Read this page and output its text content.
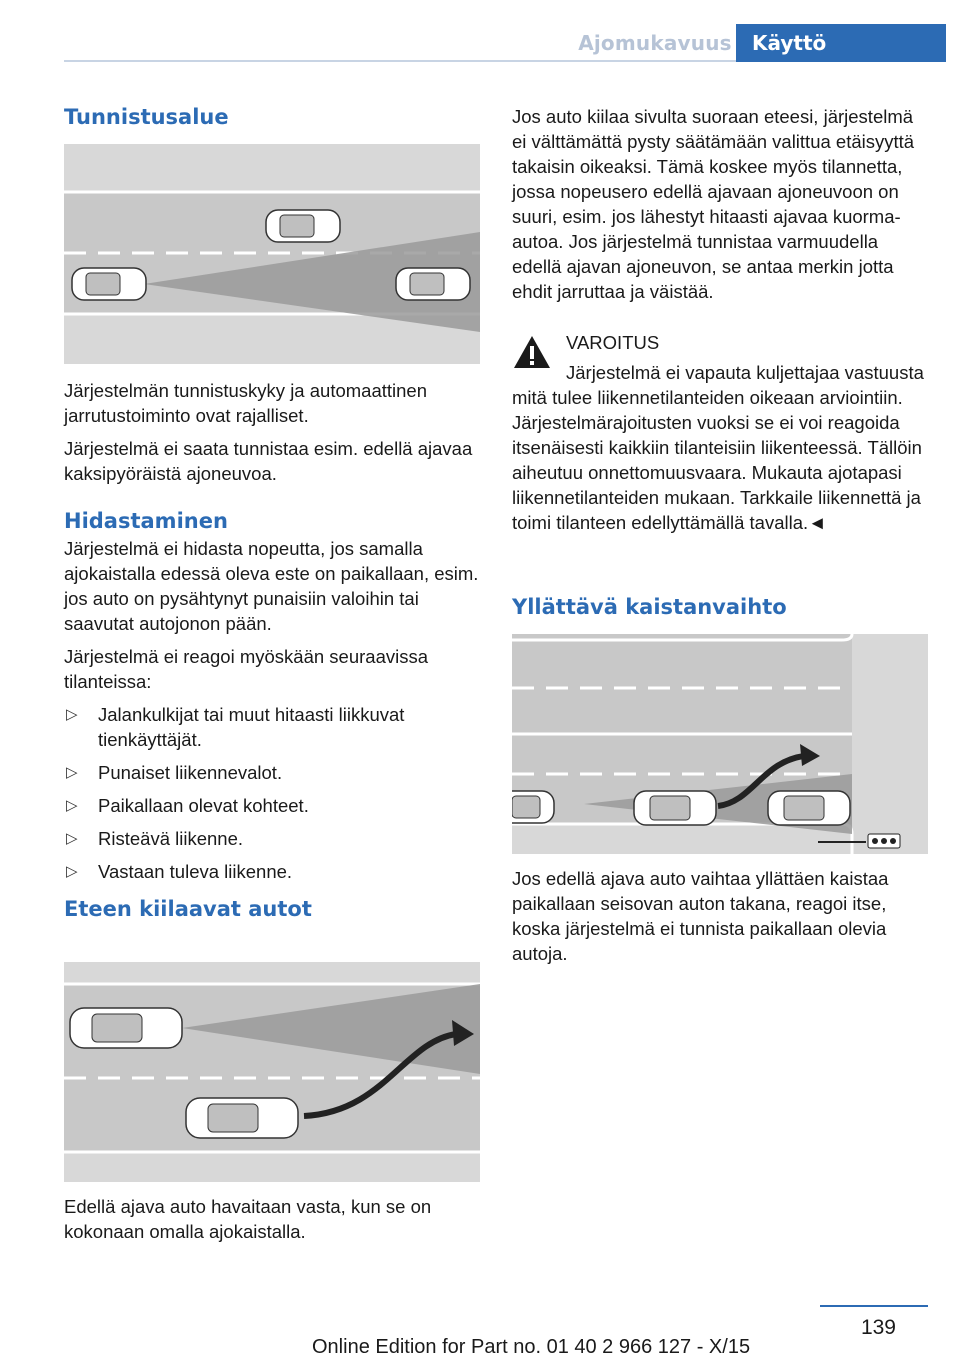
Ajomukavuus	Käyttö
Tunnistusalue

Järjestelmän tunnistuskyky ja automaattinen jarrutustoiminto ovat rajalliset.

Järjestelmä ei saata tunnistaa esim. edellä ajavaa kaksipyöräistä ajoneuvoa.

Hidastaminen

Järjestelmä ei hidasta nopeutta, jos samalla ajokaistalla edessä oleva este on paikallaan, esim. jos auto on pysähtynyt punaisiin valoihin tai saavutat autojonon pään.

Järjestelmä ei reagoi myöskään seuraavissa tilanteissa:

▷ Jalankulkijat tai muut hitaasti liikkuvat tienkäyttäjät.
▷ Punaiset liikennevalot.
▷ Paikallaan olevat kohteet.
▷ Risteävä liikenne.
▷ Vastaan tuleva liikenne.
Eteen kiilaavat autot

Edellä ajava auto havaitaan vasta, kun se on kokonaan omalla ajokaistalla.

Jos auto kiilaa sivulta suoraan eteesi, järjestelmä ei välttämättä pysty säätämään valittua etäisyyttä takaisin oikeaksi. Tämä koskee myös tilannetta, jossa nopeusero edellä ajavaan ajoneuvoon on suuri, esim. jos lähestyt hitaasti ajavaa kuorma-autoa. Jos järjestelmä tunnistaa varmuudella edellä ajavan ajoneuvon, se antaa merkin jotta ehdit jarruttaa ja väistää.

VAROITUS

Järjestelmä ei vapauta kuljettajaa vastuusta mitä tulee liikennetilanteiden oikeaan arviointiin. Järjestelmärajoitusten vuoksi se ei voi reagoida itsenäisesti kaikkiin tilanteisiin liikenteessä. Tällöin aiheutuu onnettomuusvaara. Mukauta ajotapasi liikennetilanteiden mukaan. Tarkkaile liikennettä ja toimi tilanteen edellyttämällä tavalla.◄

Yllättävä kaistanvaihto

Jos edellä ajava auto vaihtaa yllättäen kaistaa paikallaan seisovan auton takana, reagoi itse, koska järjestelmä ei tunnista paikallaan olevia autoja.

139
Online Edition for Part no. 01 40 2 966 127 - X/15
